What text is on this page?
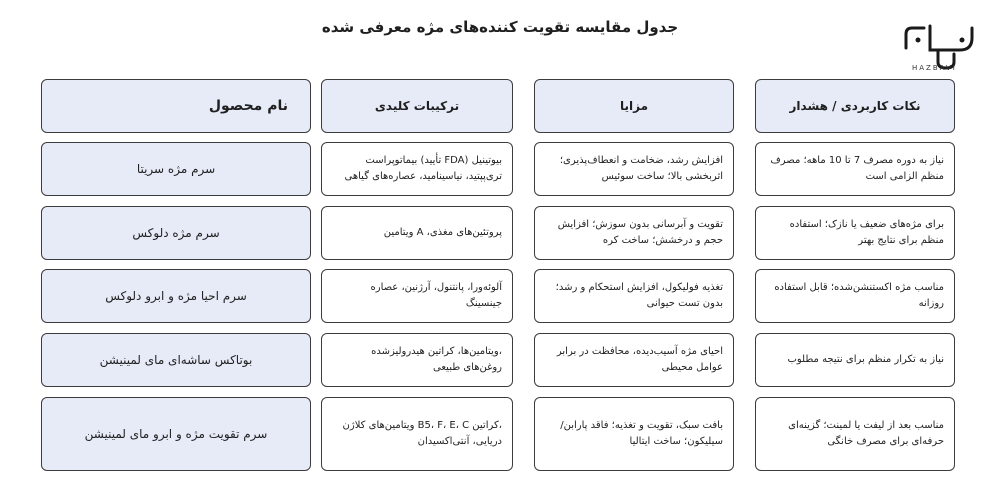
جدول مقایسه تقویت کننده‌های مژه معرفی شده
HAZBAVI
نکات کاربردی / هشدار
مزایا
ترکیبات کلیدی
نام محصول
نیاز به دوره مصرف 7 تا 10 ماهه؛ مصرف منظم الزامی است
افزایش رشد، ضخامت و انعطاف‌پذیری؛ اثربخشی بالا؛ ساخت سوئیس
بیوتینیل (FDA تأیید) بیماتوپراست تری‌پپتید، نیاسینامید، عصاره‌های گیاهی
سرم مژه سریتا
برای مژه‌های ضعیف یا نازک؛ استفاده منظم برای نتایج بهتر
تقویت و آبرسانی بدون سوزش؛ افزایش حجم و درخشش؛ ساخت کره
پروتئین‌های مغذی، A ویتامین
سرم مژه دلوکس
مناسب مژه اکستنشن‌شده؛ قابل استفاده روزانه
تغذیه فولیکول، افزایش استحکام و رشد؛ بدون تست حیوانی
آلوئه‌ورا، پانتنول، آرژنین، عصاره جینسینگ
سرم احیا مژه و ابرو دلوکس
نیاز به تکرار منظم برای نتیجه مطلوب
احیای مژه آسیب‌دیده، محافظت در برابر عوامل محیطی
،ویتامین‌ها، کراتین هیدرولیزشده روغن‌های طبیعی
بوتاکس ساشه‌ای مای لمینیشن
مناسب بعد از لیفت یا لمینت؛ گزینه‌ای حرفه‌ای برای مصرف خانگی
بافت سبک، تقویت و تغذیه؛ فاقد پارابن/سیلیکون؛ ساخت ایتالیا
،کراتین B5، F، E، C ویتامین‌های کلاژن دریایی، آنتی‌اکسیدان
سرم تقویت مژه و ابرو مای لمینیشن
